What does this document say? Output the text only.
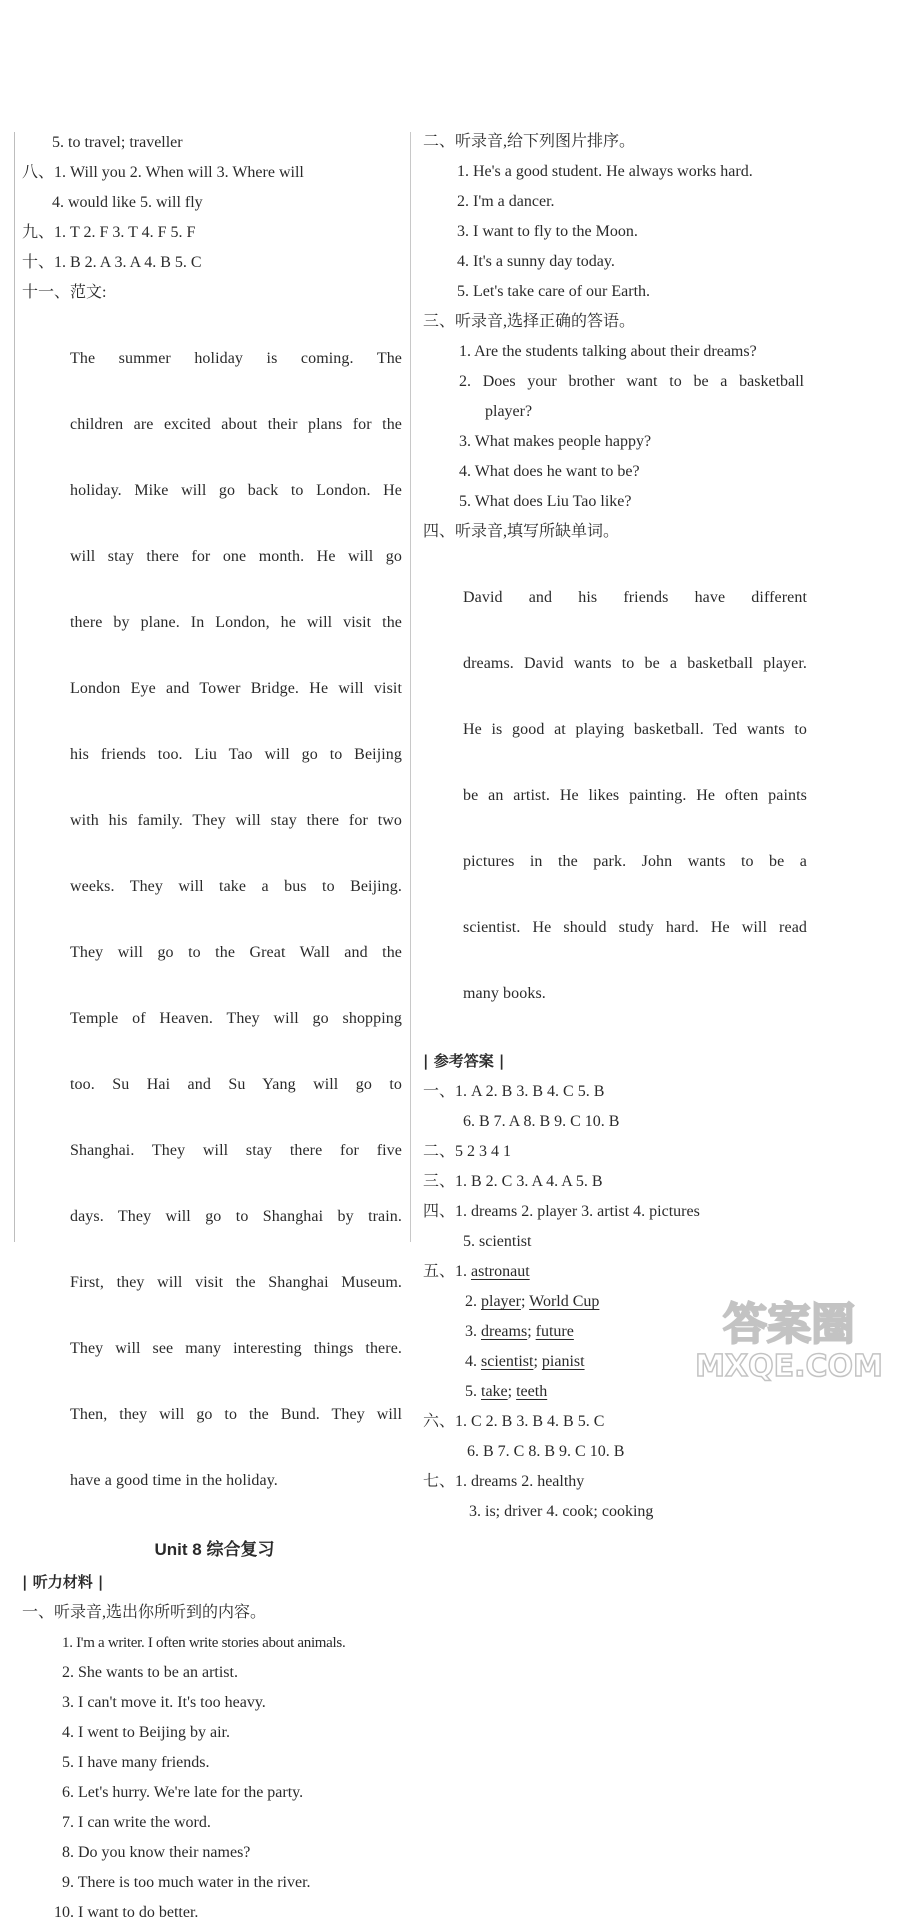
5. to travel; traveller
八、1. Will you 2. When will 3. Where will
4. would like 5. will fly
九、1. T 2. F 3. T 4. F 5. F
十、1. B 2. A 3. A 4. B 5. C
十一、范文:

The summer holiday is coming. The

children are excited about their plans for the

holiday. Mike will go back to London. He

will stay there for one month. He will go

there by plane. In London, he will visit the

London Eye and Tower Bridge. He will visit

his friends too. Liu Tao will go to Beijing

with his family. They will stay there for two

weeks. They will take a bus to Beijing.

They will go to the Great Wall and the

Temple of Heaven. They will go shopping

too. Su Hai and Su Yang will go to

Shanghai. They will stay there for five

days. They will go to Shanghai by train.

First, they will visit the Shanghai Museum.

They will see many interesting things there.

Then, they will go to the Bund. They will

have a good time in the holiday.

Unit 8 综合复习
| 听力材料 |
一、听录音,选出你所听到的内容。
1. I'm a writer. I often write stories about animals.
2. She wants to be an artist.
3. I can't move it. It's too heavy.
4. I went to Beijing by air.
5. I have many friends.
6. Let's hurry. We're late for the party.
7. I can write the word.
8. Do you know their names?
9. There is too much water in the river.
10. I want to do better.
二、听录音,给下列图片排序。
1. He's a good student. He always works hard.
2. I'm a dancer.
3. I want to fly to the Moon.
4. It's a sunny day today.
5. Let's take care of our Earth.
三、听录音,选择正确的答语。
1. Are the students talking about their dreams?
2. Does your brother want to be a basketball
player?
3. What makes people happy?
4. What does he want to be?
5. What does Liu Tao like?
四、听录音,填写所缺单词。

David and his friends have different

dreams. David wants to be a basketball player.

He is good at playing basketball. Ted wants to

be an artist. He likes painting. He often paints

pictures in the park. John wants to be a

scientist. He should study hard. He will read

many books.

| 参考答案 |
一、1. A 2. B 3. B 4. C 5. B
6. B 7. A 8. B 9. C 10. B
二、5 2 3 4 1
三、1. B 2. C 3. A 4. A 5. B
四、1. dreams 2. player 3. artist 4. pictures
5. scientist
五、1. astronaut
2. player; World Cup
3. dreams; future
4. scientist; pianist
5. take; teeth
六、1. C 2. B 3. B 4. B 5. C
6. B 7. C 8. B 9. C 10. B
七、1. dreams 2. healthy
3. is; driver 4. cook; cooking
答案圈
MXQE.COM
